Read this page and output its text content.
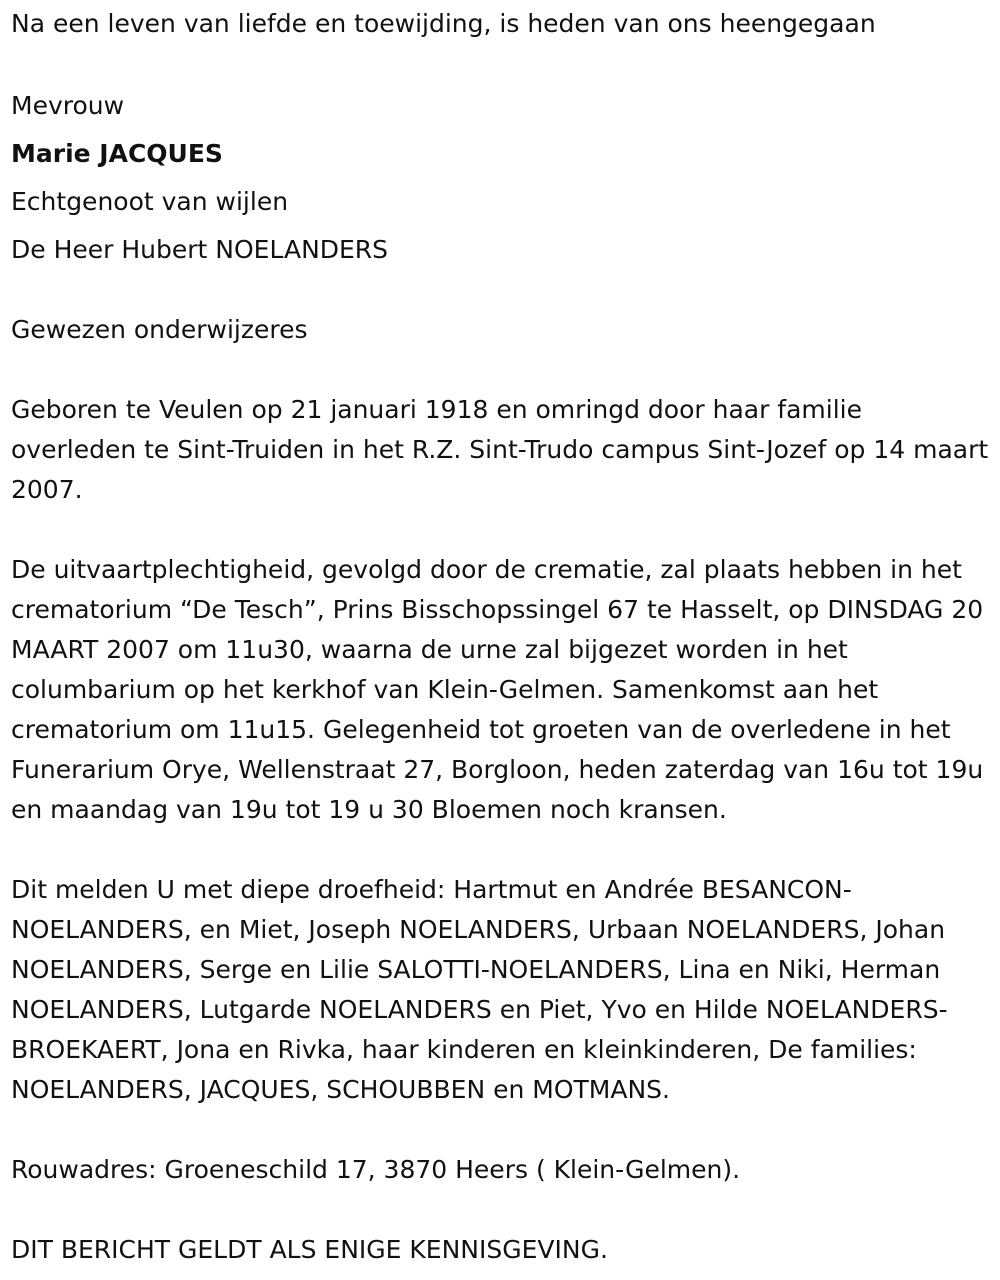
Na een leven van liefde en toewijding, is heden van ons heengegaan
Mevrouw
Marie JACQUES
Echtgenoot van wijlen
De Heer Hubert NOELANDERS
Gewezen onderwijzeres
Geboren te Veulen op 21 januari 1918 en omringd door haar familie overleden te Sint-Truiden in het R.Z. Sint-Trudo campus Sint-Jozef op 14 maart 2007.
De uitvaartplechtigheid, gevolgd door de crematie, zal plaats hebben in het crematorium “De Tesch”, Prins Bisschopssingel 67 te Hasselt, op DINSDAG 20 MAART 2007 om 11u30, waarna de urne zal bijgezet worden in het columbarium op het kerkhof van Klein-Gelmen. Samenkomst aan het crematorium om 11u15. Gelegenheid tot groeten van de overledene in het Funerarium Orye, Wellenstraat 27, Borgloon, heden zaterdag van 16u tot 19u en maandag van 19u tot 19 u 30 Bloemen noch kransen.
Dit melden U met diepe droefheid: Hartmut en Andrée BESANCON-NOELANDERS, en Miet, Joseph NOELANDERS, Urbaan NOELANDERS, Johan NOELANDERS, Serge en Lilie SALOTTI-NOELANDERS, Lina en Niki, Herman NOELANDERS, Lutgarde NOELANDERS en Piet, Yvo en Hilde NOELANDERS-BROEKAERT, Jona en Rivka, haar kinderen en kleinkinderen, De families: NOELANDERS, JACQUES, SCHOUBBEN en MOTMANS.
Rouwadres: Groeneschild 17, 3870 Heers ( Klein-Gelmen).
DIT BERICHT GELDT ALS ENIGE KENNISGEVING.
